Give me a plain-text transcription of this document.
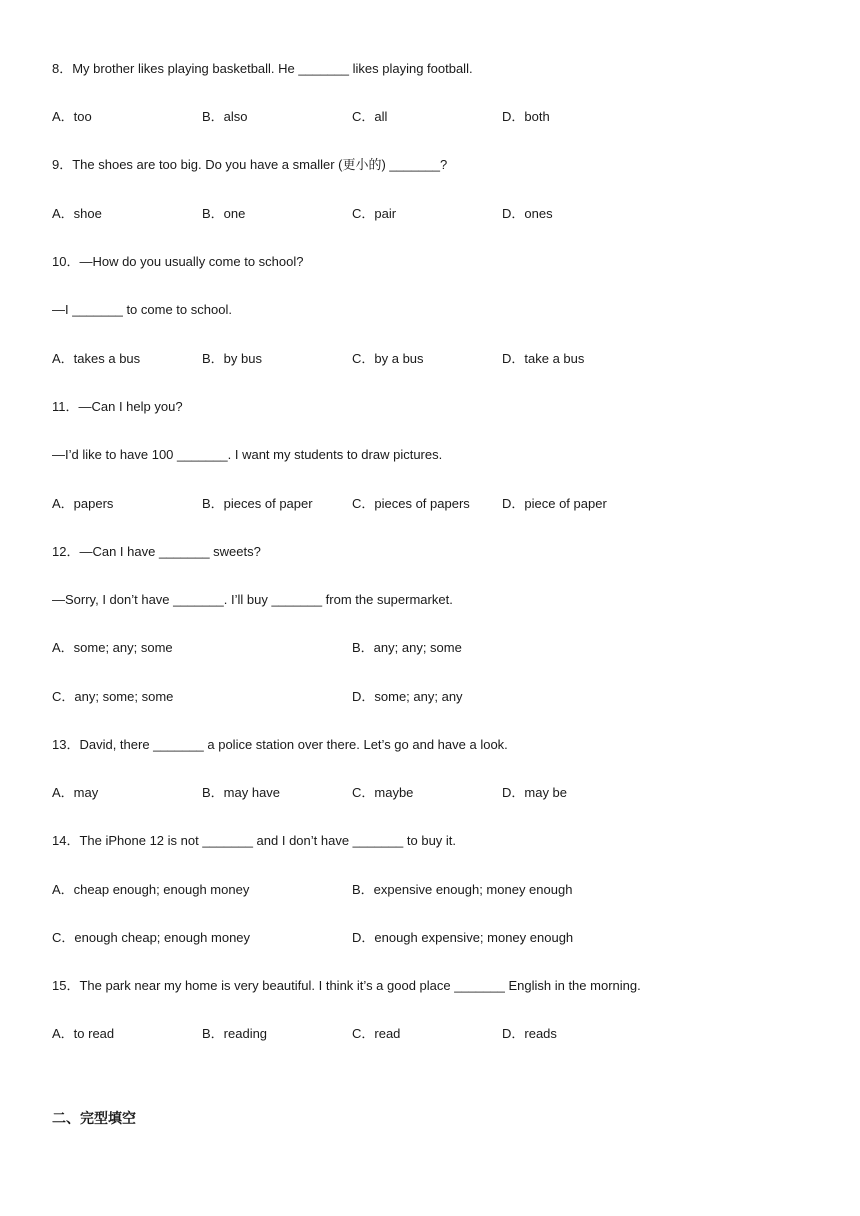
8．My brother likes playing basketball. He _______ likes playing football.
A．too	B．also	C．all	D．both
9．The shoes are too big. Do you have a smaller (更小的) _______?
A．shoe	B．one	C．pair	D．ones
10．—How do you usually come to school?
—I _______ to come to school.
A．takes a bus	B．by bus	C．by a bus	D．take a bus
11．—Can I help you?
—I’d like to have 100 _______. I want my students to draw pictures.
A．papers	B．pieces of paper	C．pieces of papers D．piece of paper
12．—Can I have _______ sweets?
—Sorry, I don’t have _______. I’ll buy _______ from the supermarket.
A．some; any; some	B．any; any; some
C．any; some; some	D．some; any; any
13．David, there _______ a police station over there. Let’s go and have a look.
A．may	B．may have	C．maybe	D．may be
14．The iPhone 12 is not _______ and I don’t have _______ to buy it.
A．cheap enough; enough money	B．expensive enough; money enough
C．enough cheap; enough money	D．enough expensive; money enough
15．The park near my home is very beautiful. I think it’s a good place _______ English in the morning.
A．to read	B．reading	C．read	D．reads
二、完型填空
